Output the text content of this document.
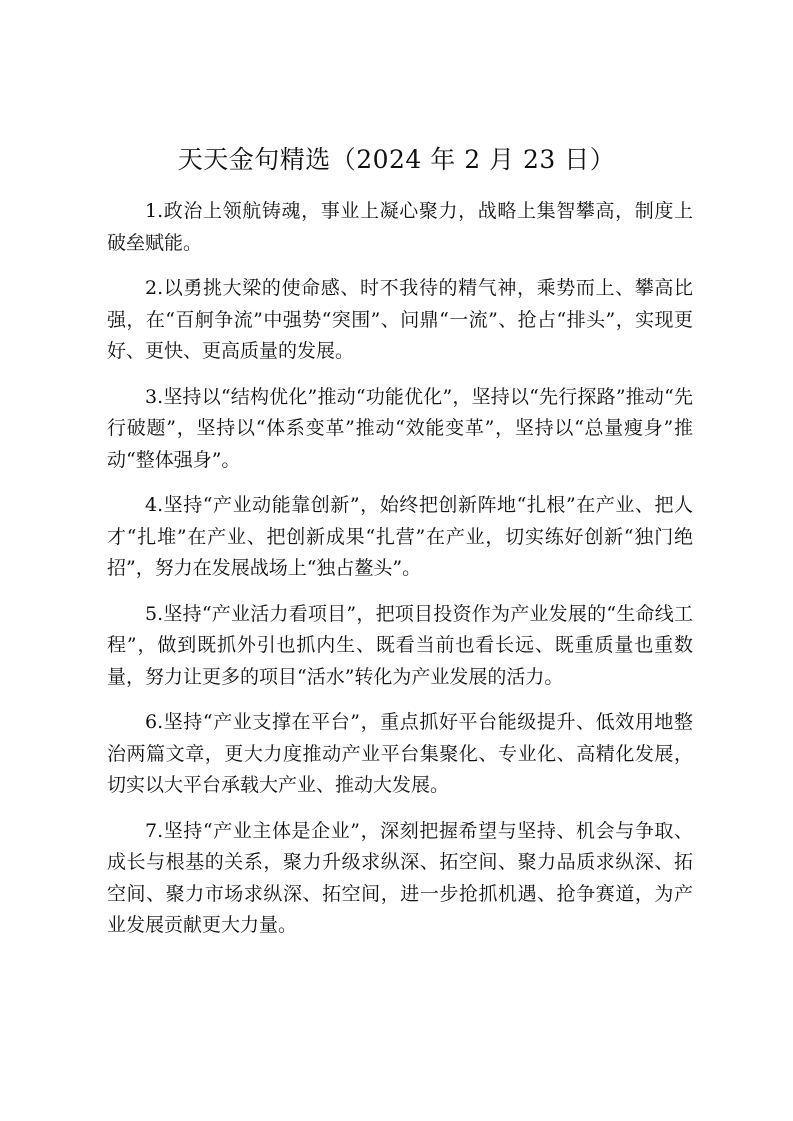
天天金句精选（2024 年 2 月 23 日）

1.政治上领航铸魂，事业上凝心聚力，战略上集智攀高，制度上破垒赋能。

2.以勇挑大梁的使命感、时不我待的精气神，乘势而上、攀高比强，在“百舸争流”中强势“突围”、问鼎“一流”、抢占“排头”，实现更好、更快、更高质量的发展。

3.坚持以“结构优化”推动“功能优化”，坚持以“先行探路”推动“先行破题”，坚持以“体系变革”推动“效能变革”，坚持以“总量瘦身”推动“整体强身”。

4.坚持“产业动能靠创新”，始终把创新阵地“扎根”在产业、把人才“扎堆”在产业、把创新成果“扎营”在产业，切实练好创新“独门绝招”，努力在发展战场上“独占鳌头”。

5.坚持“产业活力看项目”，把项目投资作为产业发展的“生命线工程”，做到既抓外引也抓内生、既看当前也看长远、既重质量也重数量，努力让更多的项目“活水”转化为产业发展的活力。

6.坚持“产业支撑在平台”，重点抓好平台能级提升、低效用地整治两篇文章，更大力度推动产业平台集聚化、专业化、高精化发展，切实以大平台承载大产业、推动大发展。

7.坚持“产业主体是企业”，深刻把握希望与坚持、机会与争取、成长与根基的关系，聚力升级求纵深、拓空间、聚力品质求纵深、拓空间、聚力市场求纵深、拓空间，进一步抢抓机遇、抢争赛道，为产业发展贡献更大力量。
